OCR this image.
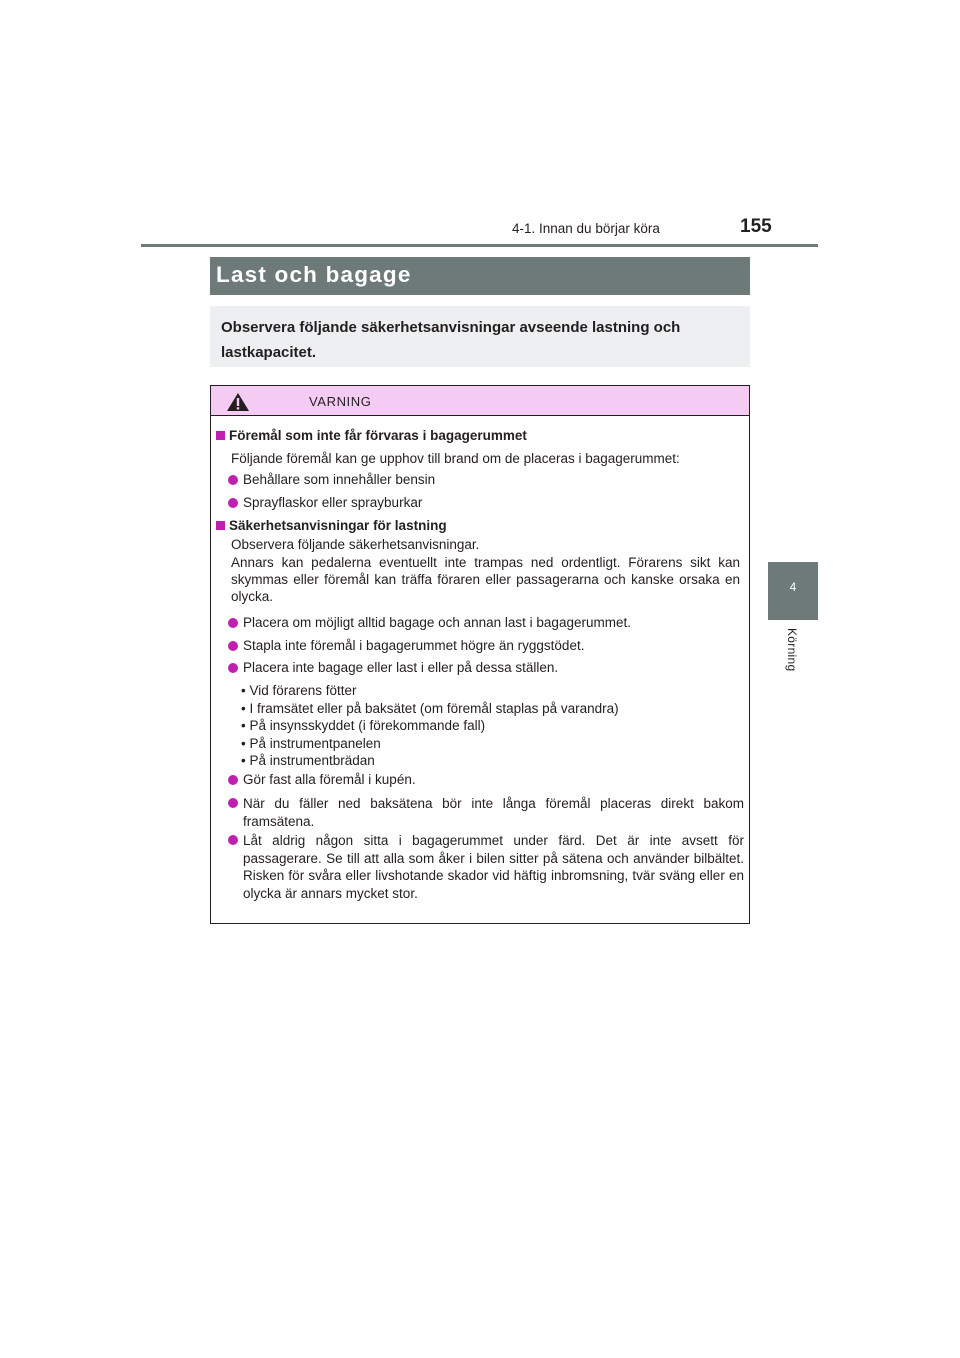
4-1. Innan du börjar köra	155
4
Körning
Last och bagage
Observera följande säkerhetsanvisningar avseende lastning och lastkapacitet.
VARNING
Föremål som inte får förvaras i bagagerummet
Följande föremål kan ge upphov till brand om de placeras i bagagerummet:
Behållare som innehåller bensin
Sprayflaskor eller sprayburkar
Säkerhetsanvisningar för lastning
Observera följande säkerhetsanvisningar.
Annars kan pedalerna eventuellt inte trampas ned ordentligt. Förarens sikt kan skymmas eller föremål kan träffa föraren eller passagerarna och kanske orsaka en olycka.
Placera om möjligt alltid bagage och annan last i bagagerummet.
Stapla inte föremål i bagagerummet högre än ryggstödet.
Placera inte bagage eller last i eller på dessa ställen.
• Vid förarens fötter
• I framsätet eller på baksätet (om föremål staplas på varandra)
• På insynsskyddet (i förekommande fall)
• På instrumentpanelen
• På instrumentbrädan
Gör fast alla föremål i kupén.
När du fäller ned baksätena bör inte långa föremål placeras direkt bakom framsätena.
Låt aldrig någon sitta i bagagerummet under färd. Det är inte avsett för passagerare. Se till att alla som åker i bilen sitter på sätena och använder bilbältet. Risken för svåra eller livshotande skador vid häftig inbromsning, tvär sväng eller en olycka är annars mycket stor.
